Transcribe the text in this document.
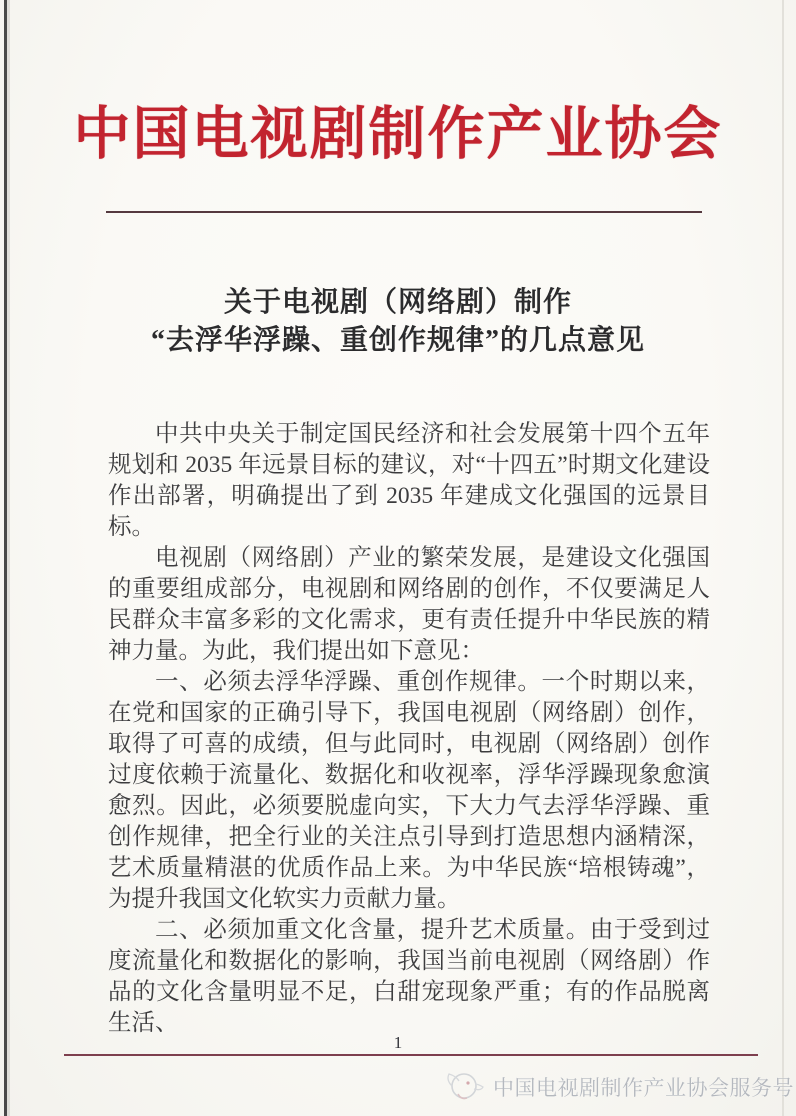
中国电视剧制作产业协会
关于电视剧（网络剧）制作
“去浮华浮躁、重创作规律”的几点意见

中共中央关于制定国民经济和社会发展第十四个五年规划和 2035 年远景目标的建议，对“十四五”时期文化建设作出部署，明确提出了到 2035 年建成文化强国的远景目标。

电视剧（网络剧）产业的繁荣发展，是建设文化强国的重要组成部分，电视剧和网络剧的创作，不仅要满足人民群众丰富多彩的文化需求，更有责任提升中华民族的精神力量。为此，我们提出如下意见：

一、必须去浮华浮躁、重创作规律。一个时期以来，在党和国家的正确引导下，我国电视剧（网络剧）创作，取得了可喜的成绩，但与此同时，电视剧（网络剧）创作过度依赖于流量化、数据化和收视率，浮华浮躁现象愈演愈烈。因此，必须要脱虚向实，下大力气去浮华浮躁、重创作规律，把全行业的关注点引导到打造思想内涵精深，艺术质量精湛的优质作品上来。为中华民族“培根铸魂”，为提升我国文化软实力贡献力量。

二、必须加重文化含量，提升艺术质量。由于受到过度流量化和数据化的影响，我国当前电视剧（网络剧）作品的文化含量明显不足，白甜宠现象严重；有的作品脱离生活、

1
中国电视剧制作产业协会服务号
